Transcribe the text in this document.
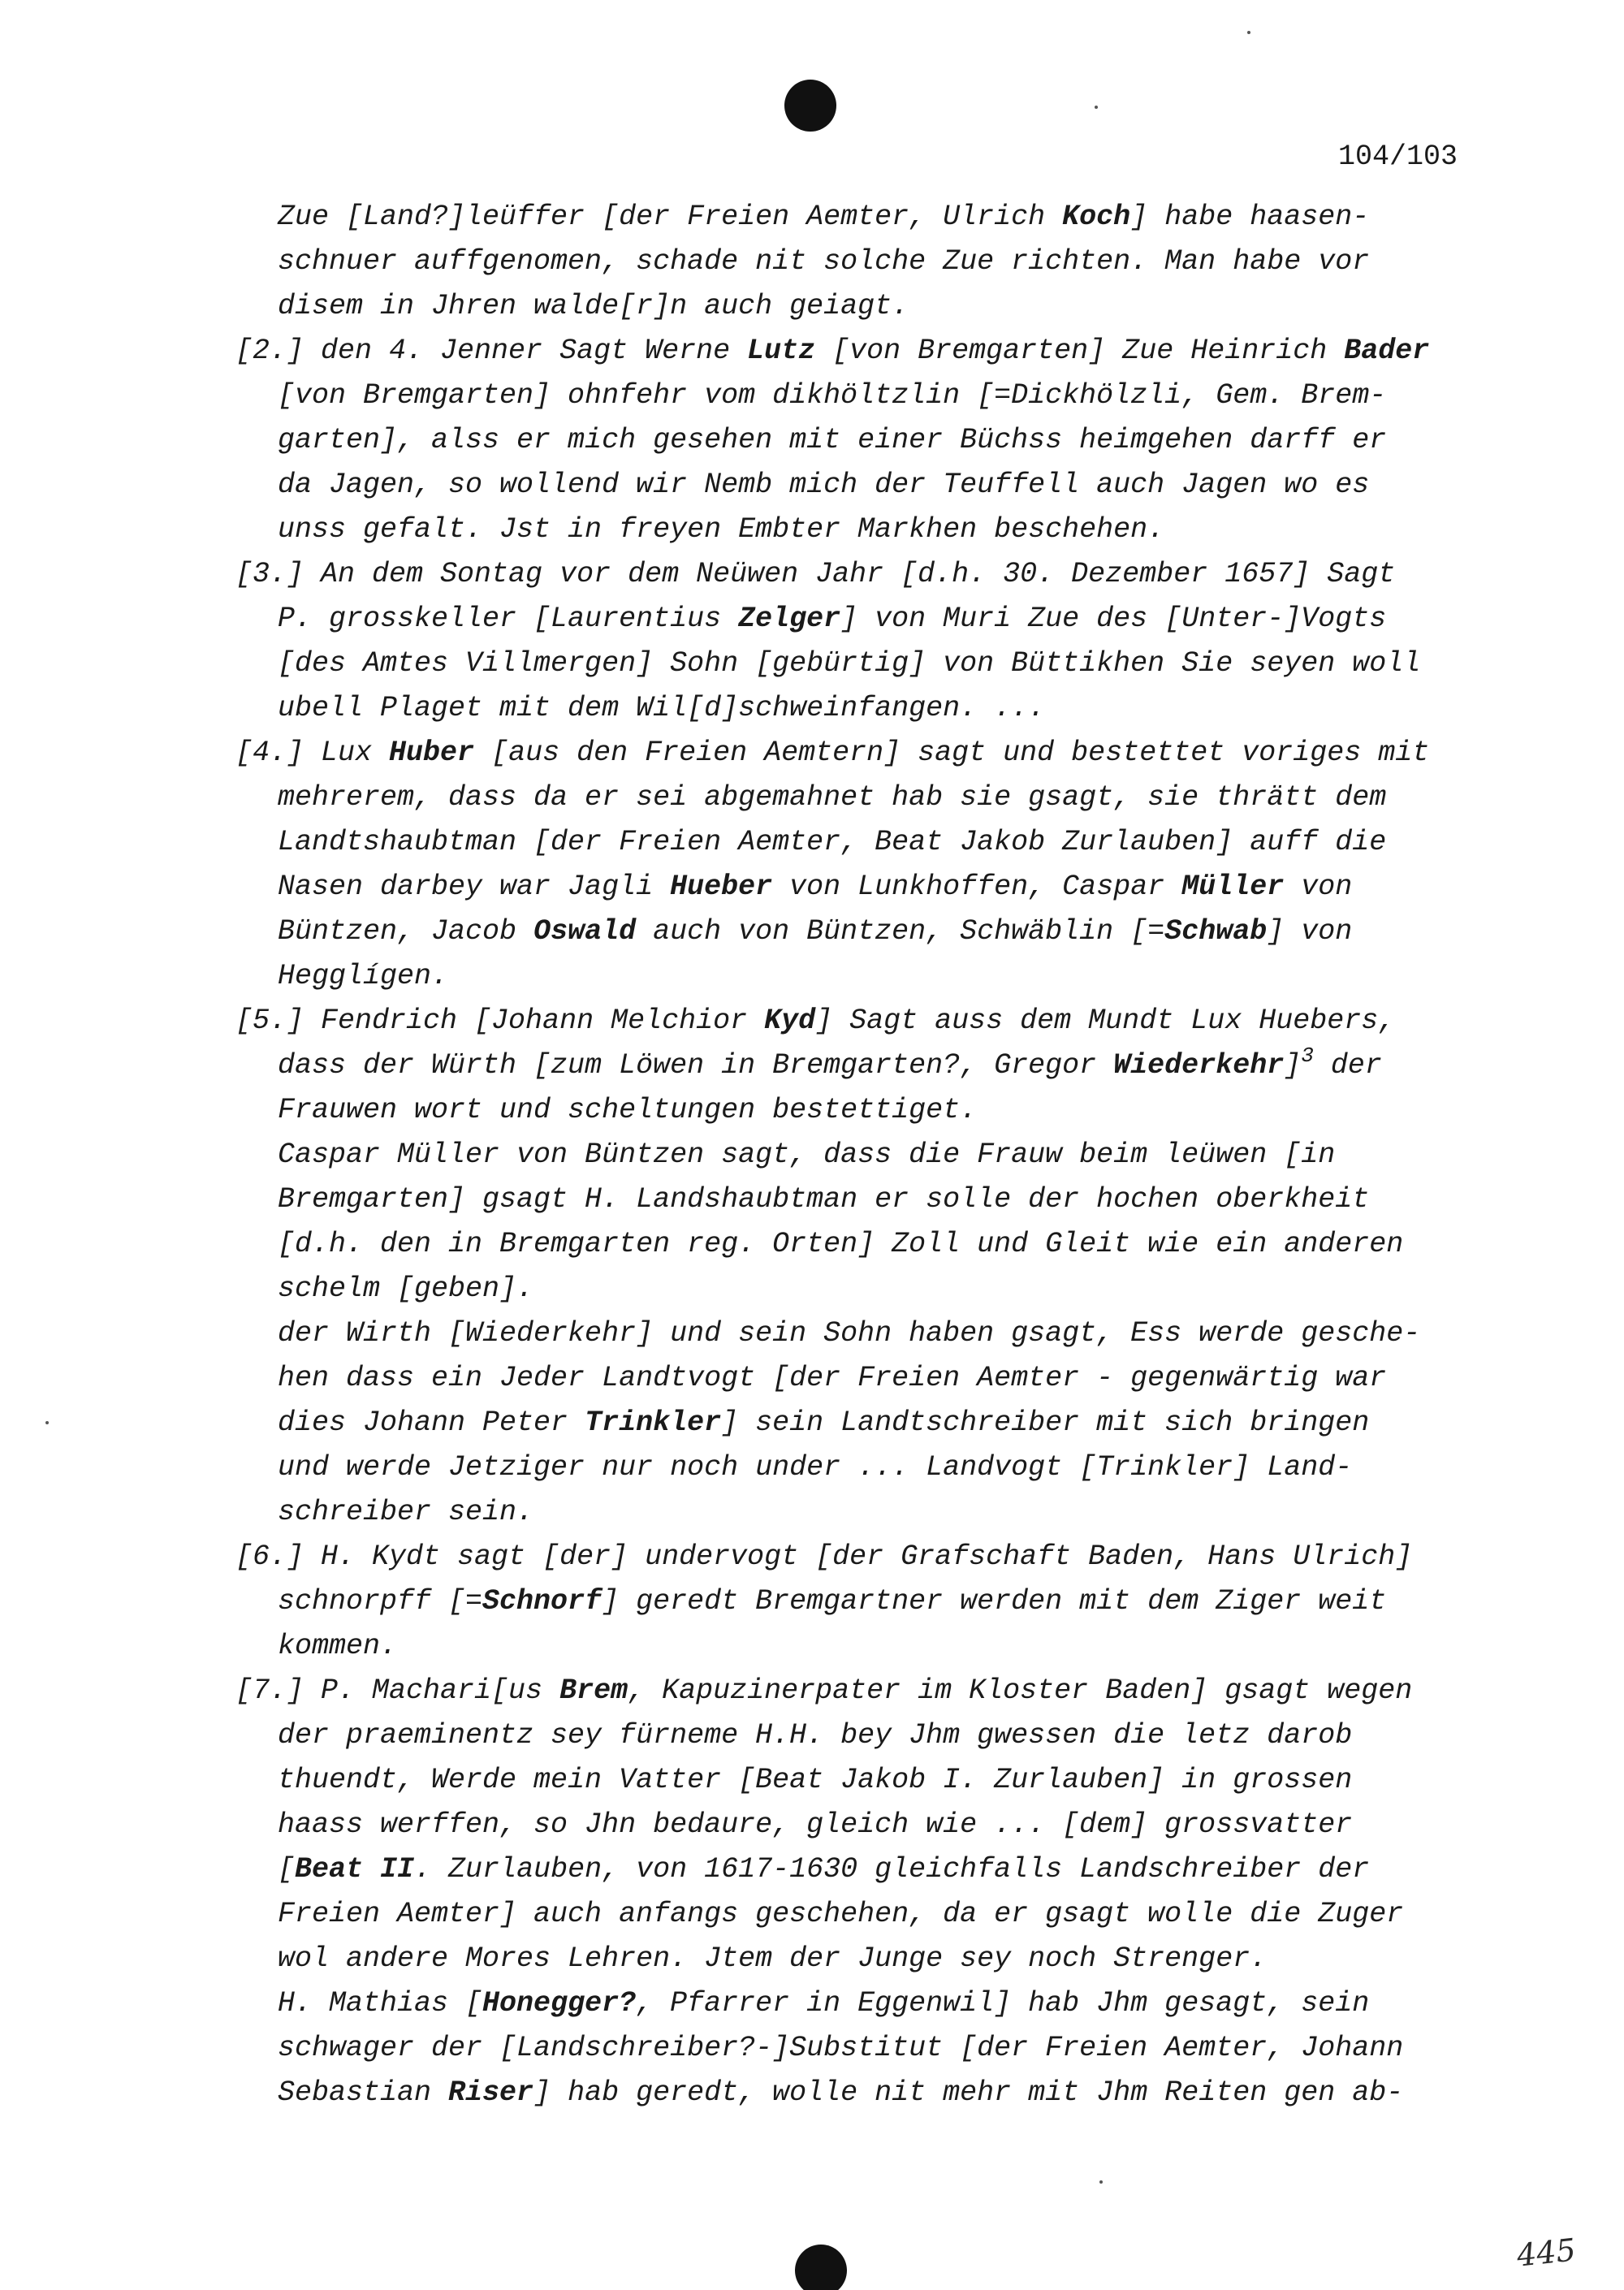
104/103
Zue [Land?]leüffer [der Freien Aemter, Ulrich Koch] habe haasen-
schnuer auffgenomen, schade nit solche Zue richten. Man habe vor
disem in Jhren walde[r]n auch geiagt.
[2.] den 4. Jenner Sagt Werne Lutz [von Bremgarten] Zue Heinrich Bader
[von Bremgarten] ohnfehr vom dikhöltzlin [=Dickhölzli, Gem. Brem-
garten], alss er mich gesehen mit einer Büchss heimgehen darff er
da Jagen, so wollend wir Nemb mich der Teuffell auch Jagen wo es
unss gefalt. Jst in freyen Embter Markhen beschehen.
[3.] An dem Sontag vor dem Neüwen Jahr [d.h. 30. Dezember 1657] Sagt
P. grosskeller [Laurentius Zelger] von Muri Zue des [Unter-]Vogts
[des Amtes Villmergen] Sohn [gebürtig] von Büttikhen Sie seyen woll
ubell Plaget mit dem Wil[d]schweinfangen. ...
[4.] Lux Huber [aus den Freien Aemtern] sagt und bestettet voriges mit
mehrerem, dass da er sei abgemahnet hab sie gsagt, sie thrätt dem
Landtshaubtman [der Freien Aemter, Beat Jakob Zurlauben] auff die
Nasen darbey war Jagli Hueber von Lunkhoffen, Caspar Müller von
Büntzen, Jacob Oswald auch von Büntzen, Schwäblin [=Schwab] von
Hegglígen.
[5.] Fendrich [Johann Melchior Kyd] Sagt auss dem Mundt Lux Huebers,
dass der Würth [zum Löwen in Bremgarten?, Gregor Wiederkehr]$^3$ der
Frauwen wort und scheltungen bestettiget.
Caspar Müller von Büntzen sagt, dass die Frauw beim leüwen [in
Bremgarten] gsagt H. Landshaubtman er solle der hochen oberkheit
[d.h. den in Bremgarten reg. Orten] Zoll und Gleit wie ein anderen
schelm [geben].
der Wirth [Wiederkehr] und sein Sohn haben gsagt, Ess werde gesche-
hen dass ein Jeder Landtvogt [der Freien Aemter - gegenwärtig war
dies Johann Peter Trinkler] sein Landtschreiber mit sich bringen
und werde Jetziger nur noch under ... Landvogt [Trinkler] Land-
schreiber sein.
[6.] H. Kydt sagt [der] undervogt [der Grafschaft Baden, Hans Ulrich]
schnorpff [=Schnorf] geredt Bremgartner werden mit dem Ziger weit
kommen.
[7.] P. Machari[us Brem, Kapuzinerpater im Kloster Baden] gsagt wegen
der praeminentz sey fürneme H.H. bey Jhm gwessen die letz darob
thuendt, Werde mein Vatter [Beat Jakob I. Zurlauben] in grossen
haass werffen, so Jhn bedaure, gleich wie ... [dem] grossvatter
[Beat II. Zurlauben, von 1617-1630 gleichfalls Landschreiber der
Freien Aemter] auch anfangs geschehen, da er gsagt wolle die Zuger
wol andere Mores Lehren. Jtem der Junge sey noch Strenger.
H. Mathias [Honegger?, Pfarrer in Eggenwil] hab Jhm gesagt, sein
schwager der [Landschreiber?-]Substitut [der Freien Aemter, Johann
Sebastian Riser] hab geredt, wolle nit mehr mit Jhm Reiten gen ab-
445
